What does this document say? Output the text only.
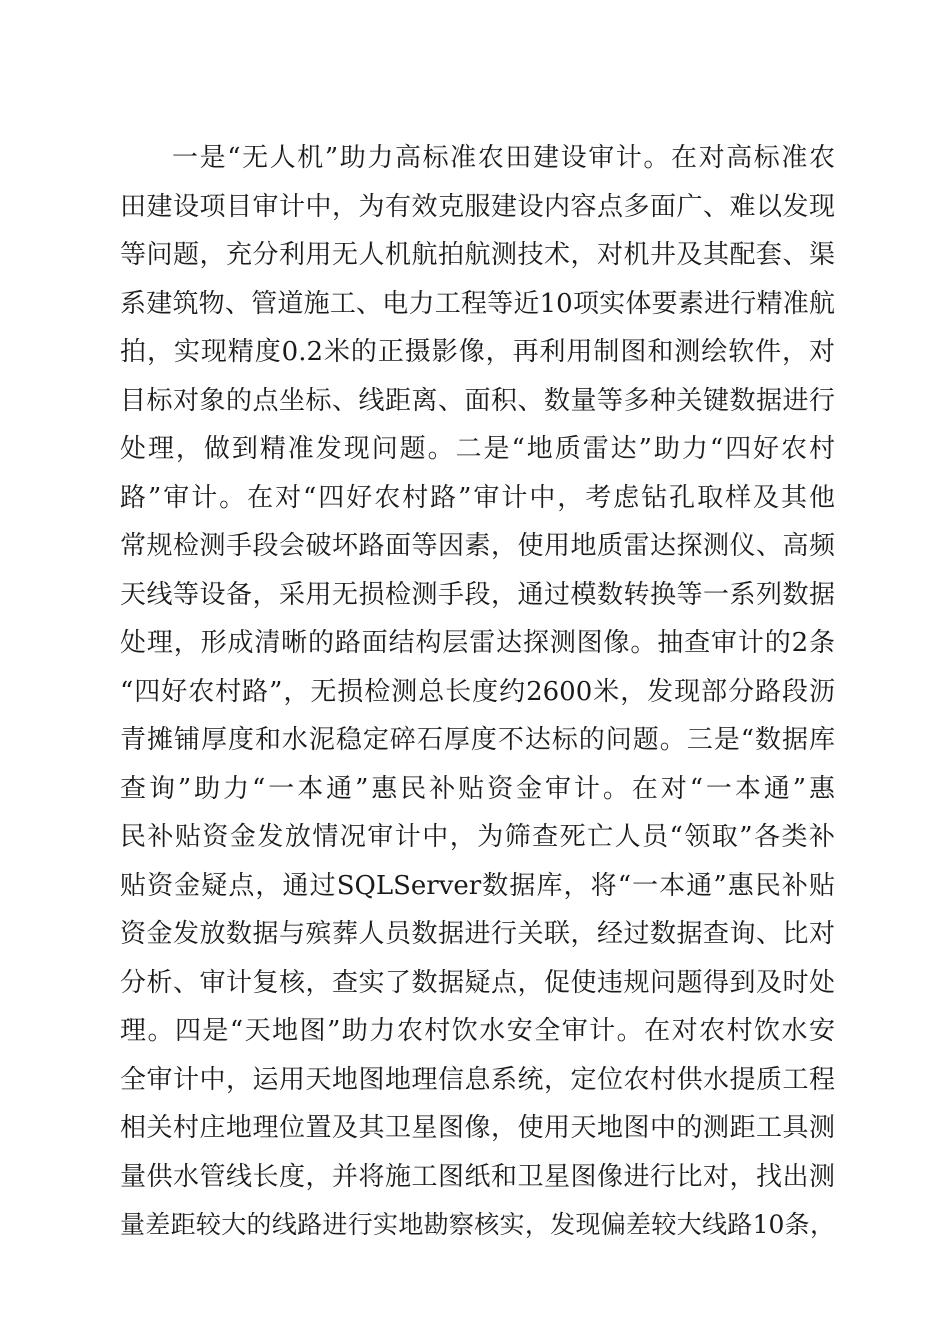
一是“无人机”助力高标准农田建设审计。在对高标准农
田建设项目审计中，为有效克服建设内容点多面广、难以发现
等问题，充分利用无人机航拍航测技术，对机井及其配套、渠
系建筑物、管道施工、电力工程等近10项实体要素进行精准航
拍，实现精度0.2米的正摄影像，再利用制图和测绘软件，对
目标对象的点坐标、线距离、面积、数量等多种关键数据进行
处理，做到精准发现问题。二是“地质雷达”助力“四好农村
路”审计。在对“四好农村路”审计中，考虑钻孔取样及其他
常规检测手段会破坏路面等因素，使用地质雷达探测仪、高频
天线等设备，采用无损检测手段，通过模数转换等一系列数据
处理，形成清晰的路面结构层雷达探测图像。抽查审计的2条
“四好农村路”，无损检测总长度约2600米，发现部分路段沥
青摊铺厚度和水泥稳定碎石厚度不达标的问题。三是“数据库
查询”助力“一本通”惠民补贴资金审计。在对“一本通”惠
民补贴资金发放情况审计中，为筛查死亡人员“领取”各类补
贴资金疑点，通过SQLServer数据库，将“一本通”惠民补贴
资金发放数据与殡葬人员数据进行关联，经过数据查询、比对
分析、审计复核，查实了数据疑点，促使违规问题得到及时处
理。四是“天地图”助力农村饮水安全审计。在对农村饮水安
全审计中，运用天地图地理信息系统，定位农村供水提质工程
相关村庄地理位置及其卫星图像，使用天地图中的测距工具测
量供水管线长度，并将施工图纸和卫星图像进行比对，找出测
量差距较大的线路进行实地勘察核实，发现偏差较大线路10条，
